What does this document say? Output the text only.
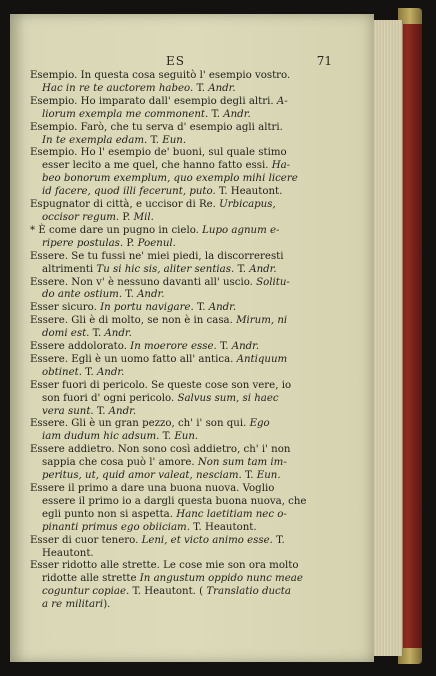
ES	71
Esempio. In questa cosa seguitò l' esempio vostro.
Hac in re te auctorem habeo. T. Andr.
Esempio. Ho imparato dall' esempio degli altri. A-
liorum exempla me commonent. T. Andr.
Esempio. Farò, che tu serva d' esempio agli altri.
In te exempla edam. T. Eun.
Esempio. Ho l' esempio de' buoni, sul quale stimo
esser lecito a me quel, che hanno fatto essi. Ha-
beo bonorum exemplum, quo exemplo mihi licere
id facere, quod illi fecerunt, puto. T. Heautont.
Espugnator di città, e uccisor di Re. Urbicapus,
occisor regum. P. Mil.
* È come dare un pugno in cielo. Lupo agnum e-
ripere postulas. P. Poenul.
Essere. Se tu fussi ne' miei piedi, la discorreresti
altrimenti Tu si hic sis, aliter sentias. T. Andr.
Essere. Non v' è nessuno davanti all' uscio. Solitu-
do ante ostium. T. Andr.
Esser sicuro. In portu navigare. T. Andr.
Essere. Gli è di molto, se non è in casa. Mirum, ni
domi est. T. Andr.
Essere addolorato. In moerore esse. T. Andr.
Essere. Egli è un uomo fatto all' antica. Antiquum
obtinet. T. Andr.
Esser fuori di pericolo. Se queste cose son vere, io
son fuori d' ogni pericolo. Salvus sum, si haec
vera sunt. T. Andr.
Essere. Gli è un gran pezzo, ch' i' son qui. Ego
iam dudum hic adsum. T. Eun.
Essere addietro. Non sono così addietro, ch' i' non
sappia che cosa può l' amore. Non sum tam im-
peritus, ut, quid amor valeat, nesciam. T. Eun.
Essere il primo a dare una buona nuova. Voglio
essere il primo io a dargli questa buona nuova, che
egli punto non si aspetta. Hanc laetitiam nec o-
pinanti primus ego obiiciam. T. Heautont.
Esser di cuor tenero. Leni, et victo animo esse. T.
Heautont.
Esser ridotto alle strette. Le cose mie son ora molto
ridotte alle strette In angustum oppido nunc meae
coguntur copiae. T. Heautont. ( Translatio ducta
a re militari).
